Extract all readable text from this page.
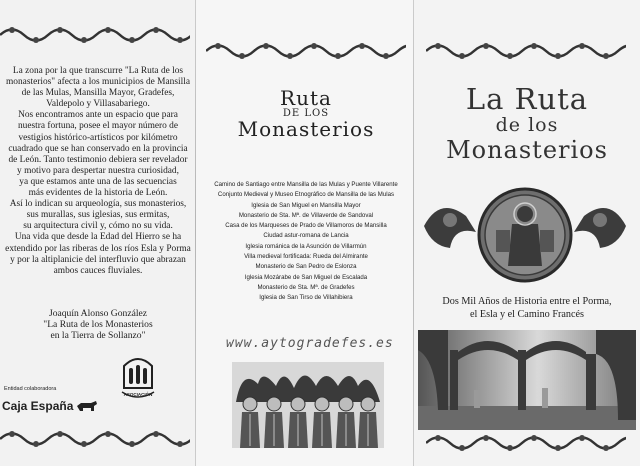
La zona por la que transcurre "La Ruta de los

monasterios" afecta a los municipios de Mansilla

de las Mulas, Mansilla Mayor, Gradefes,

Valdepolo y Villasabariego.

Nos encontramos ante un espacio que para

nuestra fortuna, posee el mayor número de

vestigios histórico-artísticos por kilómetro

cuadrado que se han conservado en la provincia

de León. Tanto testimonio debiera ser revelador

y motivo para despertar nuestra curiosidad,

ya que estamos ante una de las secuencias

más evidentes de la historia de León.

Así lo indican su arqueología, sus monasterios,

sus murallas, sus iglesias, sus ermitas,

su arquitectura civil y, cómo no su vida.

Una vida que desde la Edad del Hierro se ha

extendido por las riberas de los ríos Esla y Porma

y por la altiplanicie del interfluvio que abrazan

ambos cauces fluviales.

Joaquín Alonso González
"La Ruta de los Monasterios
en la Tierra de Sollanzo"
Entidad colaboradora
Caja España
ASOCIACIÓN
Ruta
DE LOS
Monasterios
Camino de Santiago entre Mansilla de las Mulas y Puente Villarente
Conjunto Medieval y Museo Etnográfico de Mansilla de las Mulas
Iglesia de San Miguel en Mansilla Mayor
Monasterio de Sta. Mª. de Villaverde de Sandoval
Casa de los Marqueses de Prado de Villamoros de Mansilla
Ciudad astur-romana de Lancia
Iglesia románica de la Asunción de Villarmún
Villa medieval fortificada: Rueda del Almirante
Monasterio de San Pedro de Eslonza
Iglesia Mozárabe de San Miguel de Escalada
Monasterio de Sta. Mª. de Gradefes
Iglesia de San Tirso de Villahibiera
www.aytogradefes.es
La Ruta
de los
Monasterios
Dos Mil Años de Historia entre el Porma,
el Esla y el Camino Francés
